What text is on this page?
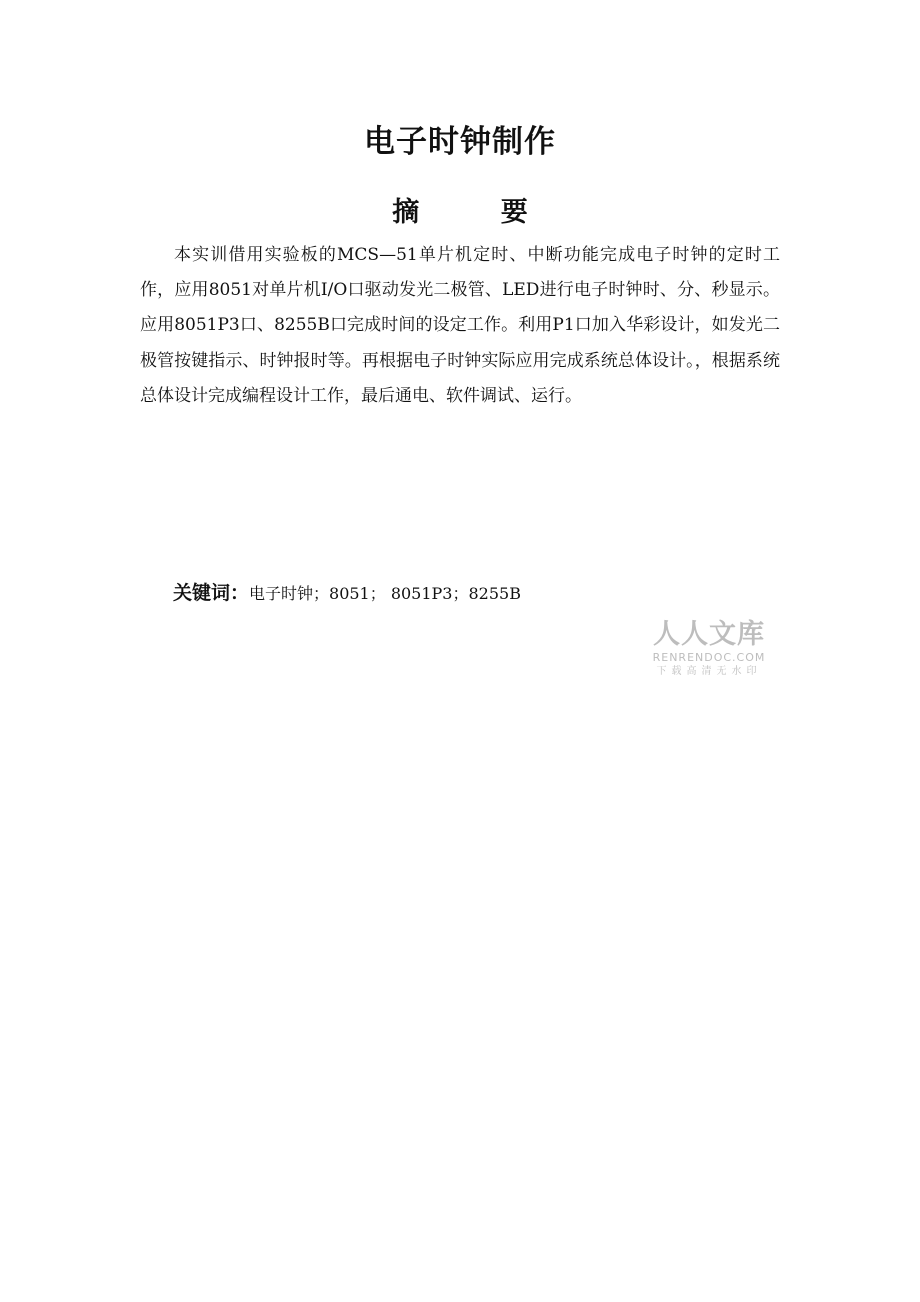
电子时钟制作
摘 要

本实训借用实验板的MCS—51单片机定时、中断功能完成电子时钟的定时工作，应用8051对单片机I/O口驱动发光二极管、LED进行电子时钟时、分、秒显示。应用8051P3口、8255B口完成时间的设定工作。利用P1口加入华彩设计，如发光二极管按键指示、时钟报时等。再根据电子时钟实际应用完成系统总体设计。，根据系统总体设计完成编程设计工作，最后通电、软件调试、运行。

关键词：电子时钟；8051； 8051P3；8255B

人人文库
RENRENDOC.COM
下载高清无水印
